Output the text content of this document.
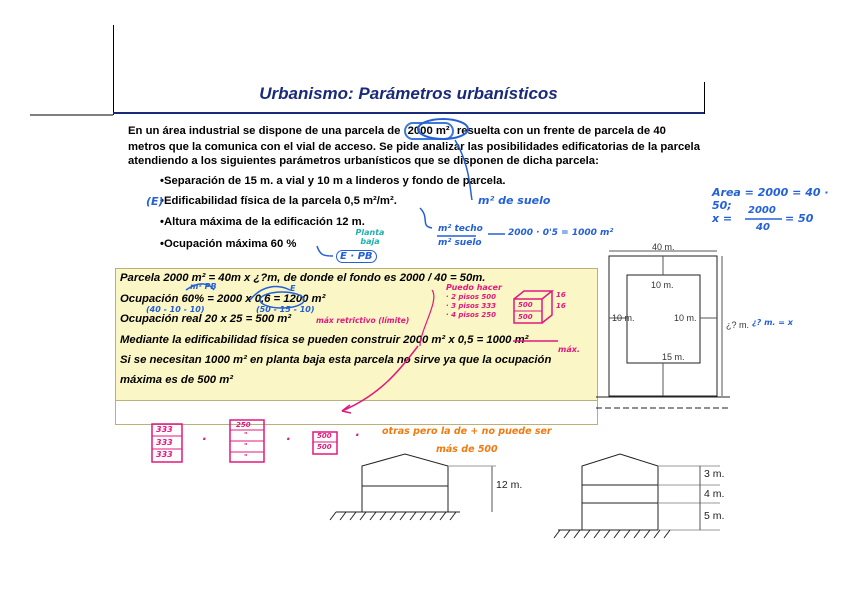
Urbanismo: Parámetros urbanísticos
En un área industrial se dispone de una parcela de 2000 m² resuelta con un frente de parcela de 40 metros que la comunica con el vial de acceso. Se pide analizar las posibilidades edificatorias de la parcela atendiendo a los siguientes parámetros urbanísticos que se disponen de dicha parcela:
•Separación de 15 m. a vial y 10 m a linderos y fondo de parcela.
•Edificabilidad física de la parcela 0,5 m²/m².
•Altura máxima de la edificación 12 m.
•Ocupación máxima 60 %
Parcela 2000 m² = 40m x ¿?m, de donde el fondo es 2000 / 40 = 50m.
Ocupación 60% = 2000 x 0,6 = 1200 m²
Ocupación real 20 x 25 = 500 m²
Mediante la edificabilidad física se pueden construir 2000 m² x 0,5 = 1000 m²
Si se necesitan 1000 m² en planta baja esta parcela no sirve ya que la ocupación
máxima es de 500 m²
Area = 2000 = 40 · 50;
x =
2000
40
= 50
m² de suelo
m² techo
m² suelo
2000 · 0'5 = 1000 m²
(E)
Planta baja
E · PB
m² PB	E
(40 - 10 - 10)	(50 - 15 - 10)
máx retrictivo (límite)
Puedo hacer
· 2 pisos 500
· 3 pisos 333
· 4 pisos 250
500
500
16
16
máx.
333
333
333
250
"
"
"
500
500
·	·	· otras pero la de + no puede ser
más de 500
40 m.
10 m.
10 m.	10 m.
15 m.
¿? m. ¿? m. = x
12 m.
3 m.
4 m.
5 m.
